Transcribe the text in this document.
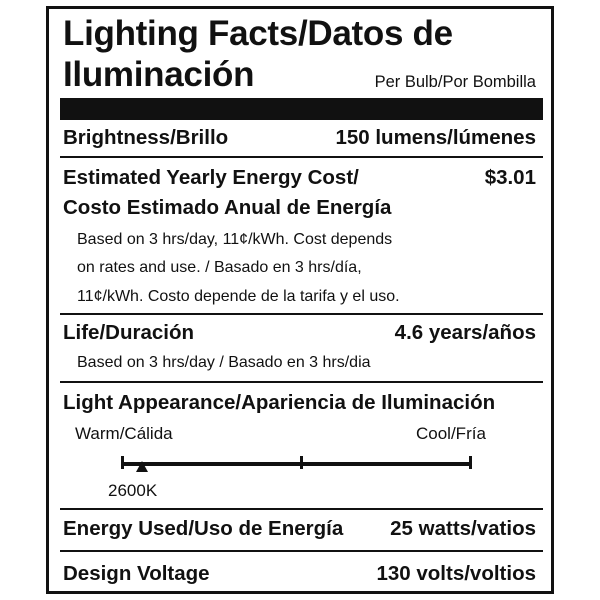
Lighting Facts/Datos de
Iluminación	Per Bulb/Por Bombilla
Brightness/Brillo	150 lumens/lúmenes
Estimated Yearly Energy Cost/	$3.01
Costo Estimado Anual de Energía
Based on 3 hrs/day, 11¢/kWh. Cost depends
on rates and use. / Basado en 3 hrs/día,
11¢/kWh. Costo depende de la tarifa y el uso.
Life/Duración	4.6 years/años
Based on 3 hrs/day / Basado en 3 hrs/dia
Light Appearance/Apariencia de Iluminación
Warm/Cálida	Cool/Fría
2600K
Energy Used/Uso de Energía 25 watts/vatios
Design Voltage	130 volts/voltios
